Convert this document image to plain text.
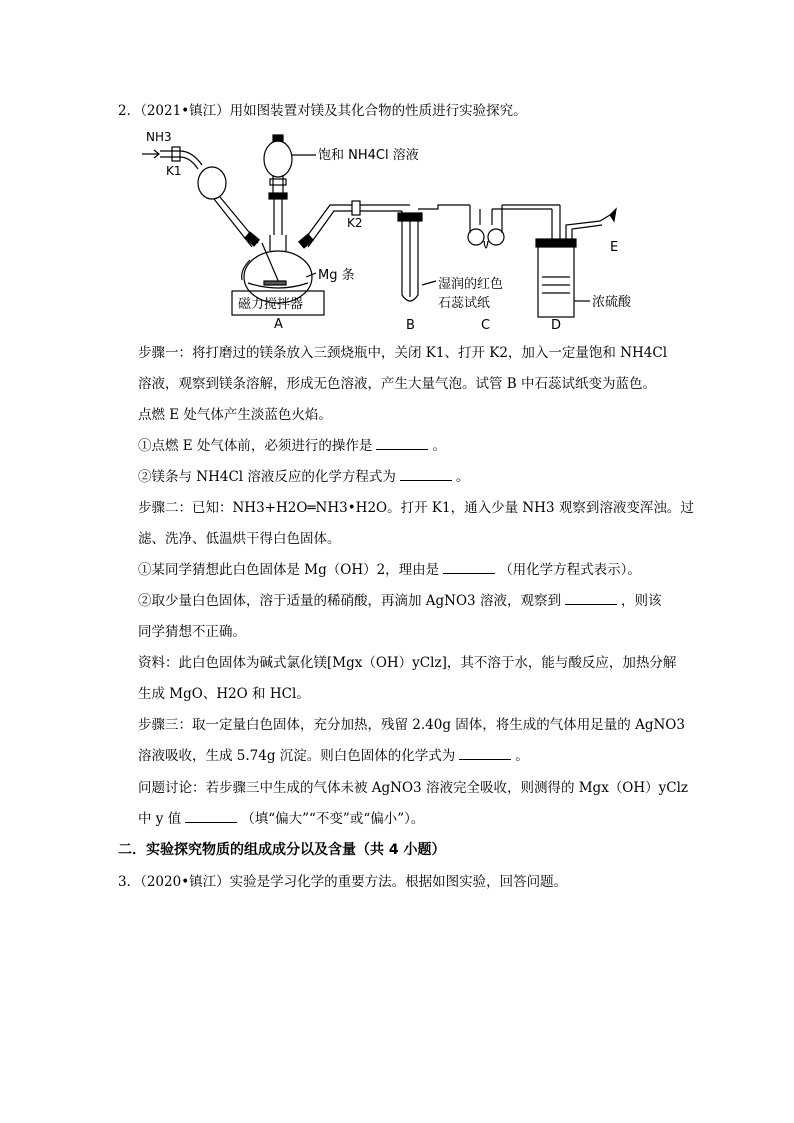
2．（2021•镇江）用如图装置对镁及其化合物的性质进行实验探究。
NH3
K1
饱和 NH4Cl 溶液
K2
Mg 条
磁力搅拌器
A
湿润的红色
石蕊试纸
B	C
浓硫酸
D
E
步骤一：将打磨过的镁条放入三颈烧瓶中，关闭 K1、打开 K2，加入一定量饱和 NH4Cl
溶液，观察到镁条溶解，形成无色溶液，产生大量气泡。试管 B 中石蕊试纸变为蓝色。
点燃 E 处气体产生淡蓝色火焰。
①点燃 E 处气体前，必须进行的操作是	。
②镁条与 NH4Cl 溶液反应的化学方程式为	。
步骤二：已知：NH3+H2O═NH3•H2O。打开 K1，通入少量 NH3 观察到溶液变浑浊。过
滤、洗净、低温烘干得白色固体。
①某同学猜想此白色固体是 Mg（OH）2，理由是	（用化学方程式表示）。
②取少量白色固体，溶于适量的稀硝酸，再滴加 AgNO3 溶液，观察到	，则该
同学猜想不正确。
资料：此白色固体为碱式氯化镁[Mgx（OH）yClz]，其不溶于水，能与酸反应，加热分解
生成 MgO、H2O 和 HCl。
步骤三：取一定量白色固体，充分加热，残留 2.40g 固体，将生成的气体用足量的 AgNO3
溶液吸收，生成 5.74g 沉淀。则白色固体的化学式为	。
问题讨论：若步骤三中生成的气体未被 AgNO3 溶液完全吸收，则测得的 Mgx（OH）yClz
中 y 值	（填“偏大”“不变”或“偏小”）。
二．实验探究物质的组成成分以及含量（共 4 小题）
3．（2020•镇江）实验是学习化学的重要方法。根据如图实验，回答问题。
